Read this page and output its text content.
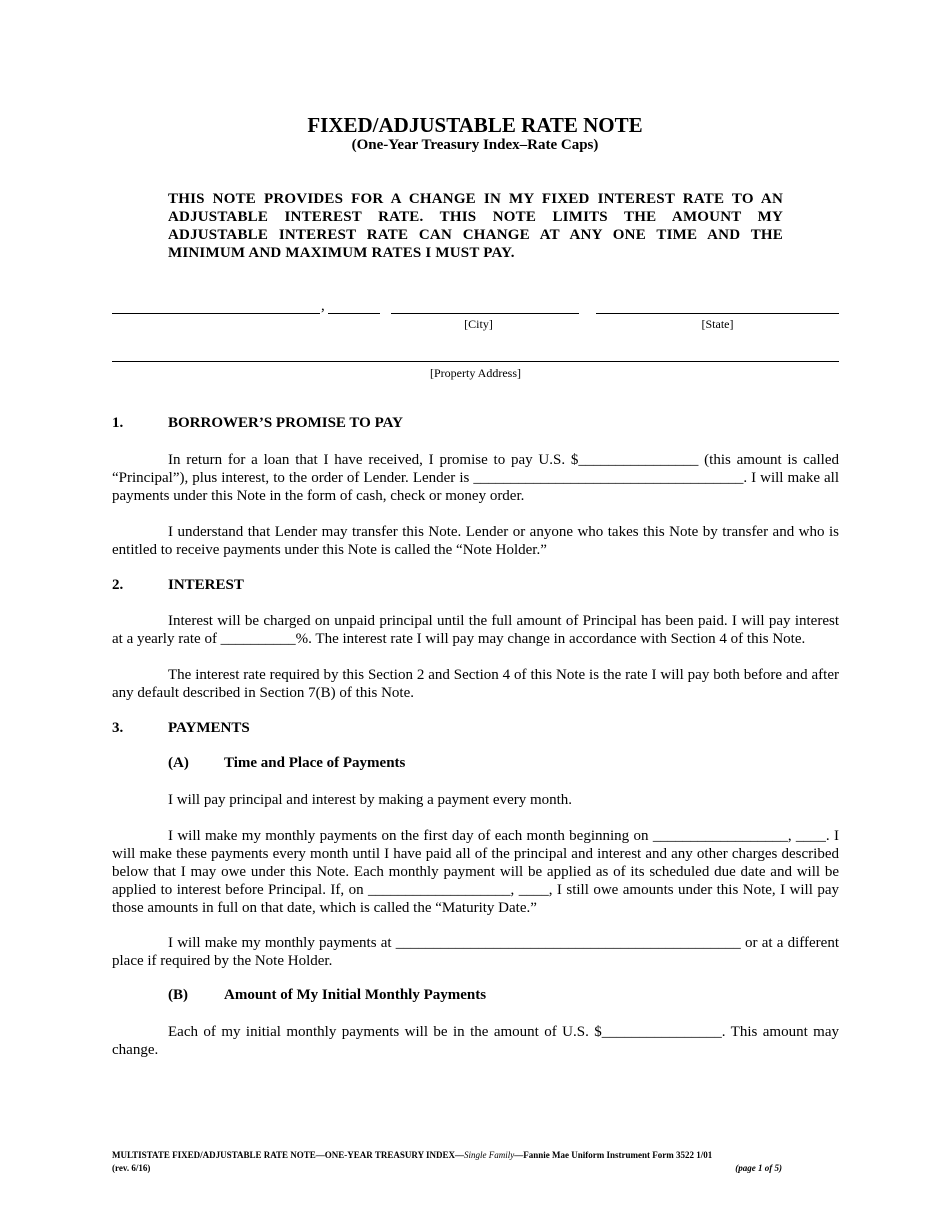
FIXED/ADJUSTABLE RATE NOTE
(One-Year Treasury Index–Rate Caps)
THIS NOTE PROVIDES FOR A CHANGE IN MY FIXED INTEREST RATE TO AN ADJUSTABLE INTEREST RATE. THIS NOTE LIMITS THE AMOUNT MY ADJUSTABLE INTEREST RATE CAN CHANGE AT ANY ONE TIME AND THE MINIMUM AND MAXIMUM RATES I MUST PAY.
,
[City]	[State]
[Property Address]
1.	BORROWER’S PROMISE TO PAY
In return for a loan that I have received, I promise to pay U.S. $________________ (this amount is called “Principal”), plus interest, to the order of Lender. Lender is ____________________________________. I will make all payments under this Note in the form of cash, check or money order.
I understand that Lender may transfer this Note. Lender or anyone who takes this Note by transfer and who is entitled to receive payments under this Note is called the “Note Holder.”
2.	INTEREST
Interest will be charged on unpaid principal until the full amount of Principal has been paid. I will pay interest at a yearly rate of __________%. The interest rate I will pay may change in accordance with Section 4 of this Note.
The interest rate required by this Section 2 and Section 4 of this Note is the rate I will pay both before and after any default described in Section 7(B) of this Note.
3.	PAYMENTS
(A) Time and Place of Payments
I will pay principal and interest by making a payment every month.
I will make my monthly payments on the first day of each month beginning on __________________, ____. I will make these payments every month until I have paid all of the principal and interest and any other charges described below that I may owe under this Note. Each monthly payment will be applied as of its scheduled due date and will be applied to interest before Principal. If, on ___________________, ____, I still owe amounts under this Note, I will pay those amounts in full on that date, which is called the “Maturity Date.”
I will make my monthly payments at ______________________________________________ or at a different place if required by the Note Holder.
(B) Amount of My Initial Monthly Payments
Each of my initial monthly payments will be in the amount of U.S. $________________. This amount may change.
MULTISTATE FIXED/ADJUSTABLE RATE NOTE—ONE-YEAR TREASURY INDEX—Single Family—Fannie Mae Uniform Instrument Form 3522 1/01
(rev. 6/16)	(page 1 of 5)
